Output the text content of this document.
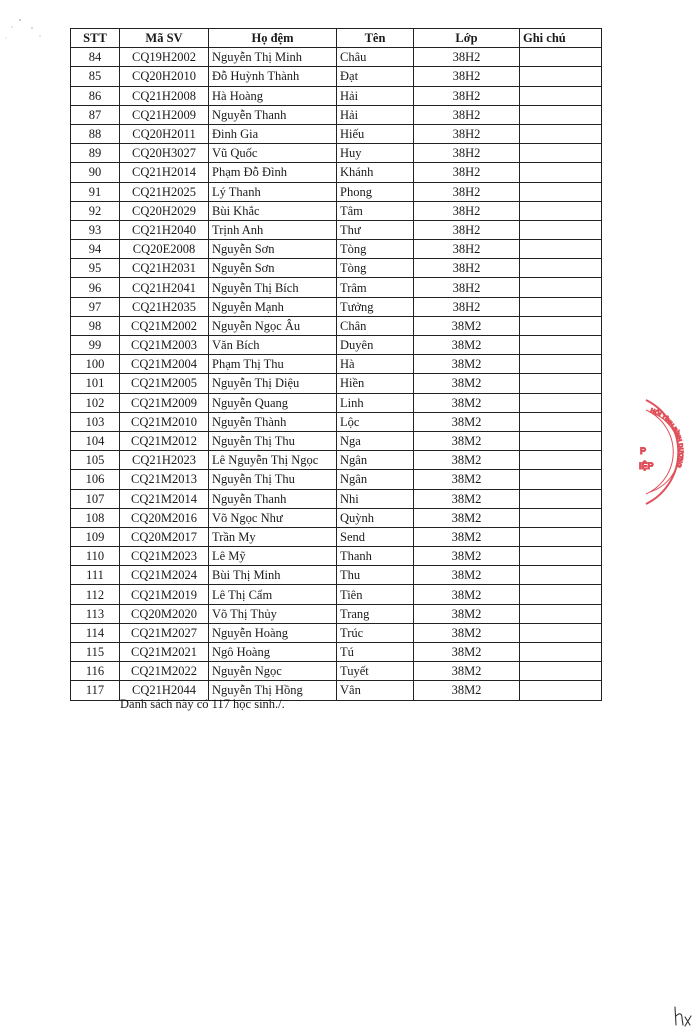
STT	Mã SV	Họ đệm	Tên	Lớp	Ghi chú
84	CQ19H2002	Nguyễn Thị Minh	Châu	38H2	
85	CQ20H2010	Đỗ Huỳnh Thành	Đạt	38H2	
86	CQ21H2008	Hà Hoàng	Hải	38H2	
87	CQ21H2009	Nguyễn Thanh	Hải	38H2	
88	CQ20H2011	Đinh Gia	Hiếu	38H2	
89	CQ20H3027	Vũ Quốc	Huy	38H2	
90	CQ21H2014	Phạm Đỗ Đình	Khánh	38H2	
91	CQ21H2025	Lý Thanh	Phong	38H2	
92	CQ20H2029	Bùi Khắc	Tâm	38H2	
93	CQ21H2040	Trịnh Anh	Thư	38H2	
94	CQ20E2008	Nguyễn Sơn	Tòng	38H2	
95	CQ21H2031	Nguyễn Sơn	Tòng	38H2	
96	CQ21H2041	Nguyễn Thị Bích	Trâm	38H2	
97	CQ21H2035	Nguyễn Mạnh	Tưởng	38H2	
98	CQ21M2002	Nguyễn Ngọc Âu	Chân	38M2	
99	CQ21M2003	Văn Bích	Duyên	38M2	
100	CQ21M2004	Phạm Thị Thu	Hà	38M2	
101	CQ21M2005	Nguyễn Thị Diệu	Hiền	38M2	
102	CQ21M2009	Nguyễn Quang	Linh	38M2	
103	CQ21M2010	Nguyễn Thành	Lộc	38M2	
104	CQ21M2012	Nguyễn Thị Thu	Nga	38M2	
105	CQ21H2023	Lê Nguyễn Thị Ngọc	Ngân	38M2	
106	CQ21M2013	Nguyễn Thị Thu	Ngân	38M2	
107	CQ21M2014	Nguyễn Thanh	Nhi	38M2	
108	CQ20M2016	Võ Ngọc Như	Quỳnh	38M2	
109	CQ20M2017	Trần My	Send	38M2	
110	CQ21M2023	Lê Mỹ	Thanh	38M2	
111	CQ21M2024	Bùi Thị Minh	Thu	38M2	
112	CQ21M2019	Lê Thị Cẩm	Tiên	38M2	
113	CQ20M2020	Võ Thị Thủy	Trang	38M2	
114	CQ21M2027	Nguyễn Hoàng	Trúc	38M2	
115	CQ21M2021	Ngô Hoàng	Tú	38M2	
116	CQ21M2022	Nguyễn Ngọc	Tuyết	38M2	
117	CQ21H2044	Nguyễn Thị Hồng	Vân	38M2	
Danh sách này có 117 học sinh./.
P
IỆP
HỘI TỈNH BÌNH DƯƠNG
